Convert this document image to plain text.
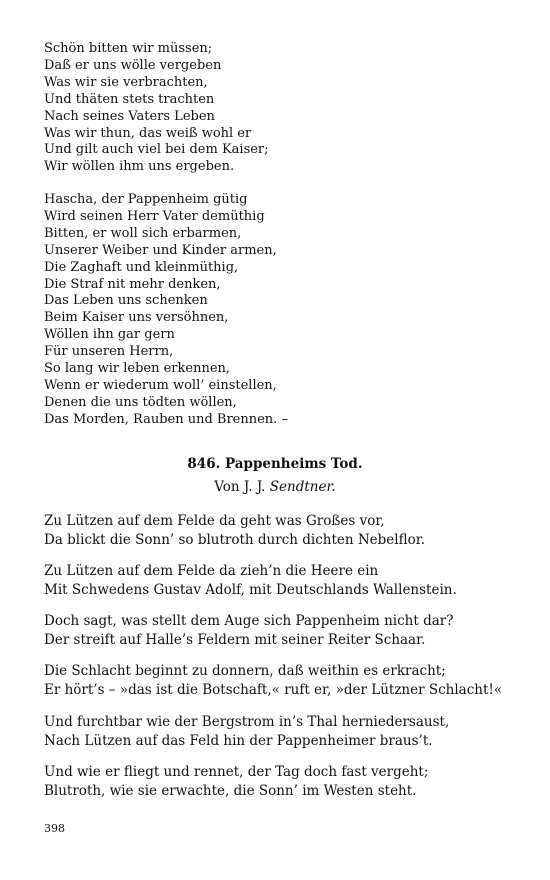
Schön bitten wir müssen;
Daß er uns wölle vergeben
Was wir sie verbrachten,
Und thäten stets trachten
Nach seines Vaters Leben
Was wir thun, das weiß wohl er
Und gilt auch viel bei dem Kaiser;
Wir wöllen ihm uns ergeben.
Hascha, der Pappenheim gütig
Wird seinen Herr Vater demüthig
Bitten, er woll sich erbarmen,
Unserer Weiber und Kinder armen,
Die Zaghaft und kleinmüthig,
Die Straf nit mehr denken,
Das Leben uns schenken
Beim Kaiser uns versöhnen,
Wöllen ihn gar gern
Für unseren Herrn,
So lang wir leben erkennen,
Wenn er wiederum woll’ einstellen,
Denen die uns tödten wöllen,
Das Morden, Rauben und Brennen. –
846. Pappenheims Tod.
Von J. J. Sendtner.
Zu Lützen auf dem Felde da geht was Großes vor,
Da blickt die Sonn’ so blutroth durch dichten Nebelflor.
Zu Lützen auf dem Felde da zieh’n die Heere ein
Mit Schwedens Gustav Adolf, mit Deutschlands Wallenstein.
Doch sagt, was stellt dem Auge sich Pappenheim nicht dar?
Der streift auf Halle’s Feldern mit seiner Reiter Schaar.
Die Schlacht beginnt zu donnern, daß weithin es erkracht;
Er hört’s – »das ist die Botschaft,« ruft er, »der Lützner Schlacht!«
Und furchtbar wie der Bergstrom in’s Thal herniedersaust,
Nach Lützen auf das Feld hin der Pappenheimer braus’t.
Und wie er fliegt und rennet, der Tag doch fast vergeht;
Blutroth, wie sie erwachte, die Sonn’ im Westen steht.
398
